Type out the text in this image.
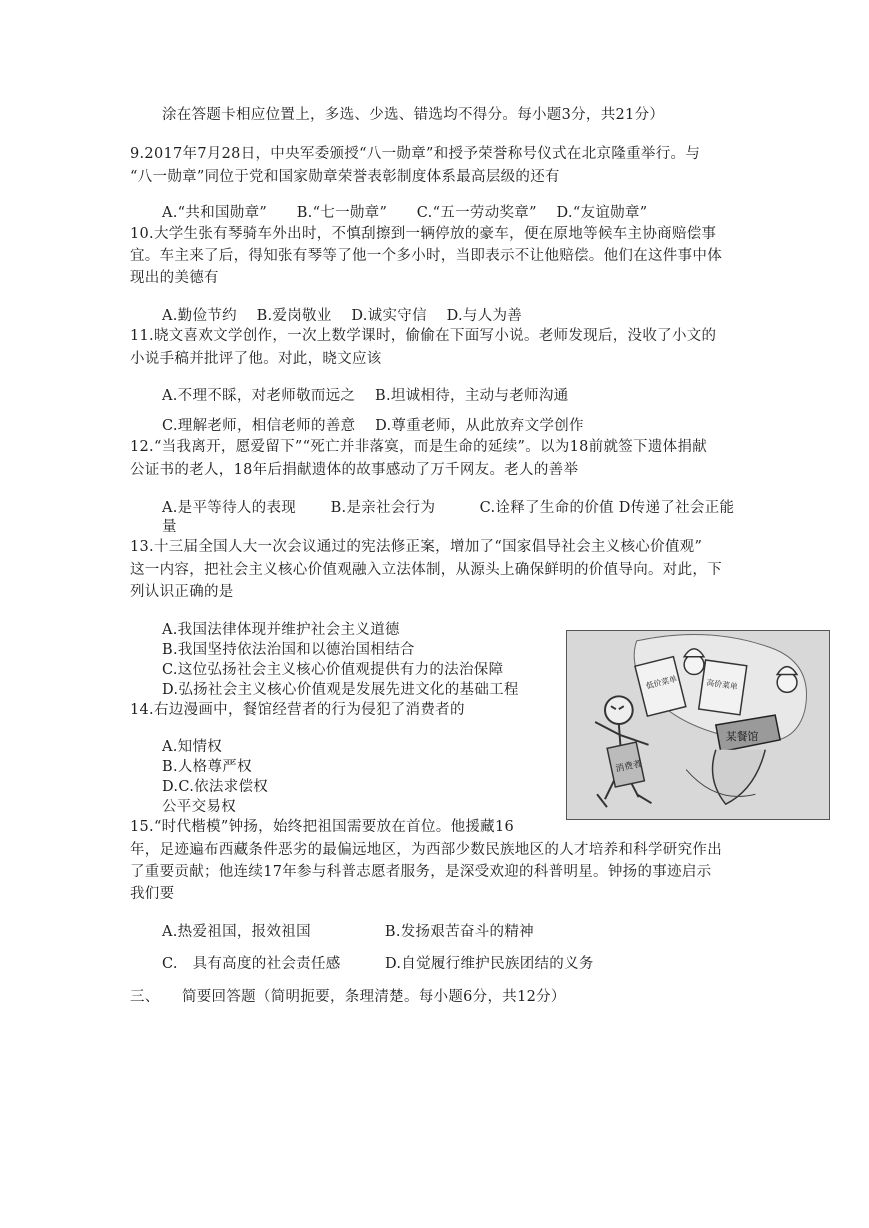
涂在答题卡相应位置上，多选、少选、错选均不得分。每小题3分，共21分）
9.2017年7月28日，中央军委颁授“八一勋章”和授予荣誉称号仪式在北京隆重举行。与
“八一勋章”同位于党和国家勋章荣誉表彰制度体系最高层级的还有
A.“共和国勋章”　　B.“七一勋章”　　C.“五一劳动奖章”　 D.“友谊勋章”
10.大学生张有琴骑车外出时，不慎刮擦到一辆停放的豪车，便在原地等候车主协商赔偿事
宜。车主来了后，得知张有琴等了他一个多小时，当即表示不让他赔偿。他们在这件事中体
现出的美德有
A.勤俭节约　 B.爱岗敬业　 D.诚实守信　 D.与人为善
11.晓文喜欢文学创作，一次上数学课时，偷偷在下面写小说。老师发现后，没收了小文的
小说手稿并批评了他。对此，晓文应该
A.不理不睬，对老师敬而远之　 B.坦诚相待，主动与老师沟通
C.理解老师，相信老师的善意　 D.尊重老师，从此放弃文学创作
12.“当我离开，愿爱留下”“死亡并非落寞，而是生命的延续”。以为18前就签下遗体捐献
公证书的老人，18年后捐献遗体的故事感动了万千网友。老人的善举
A.是平等待人的表现　　 B.是亲社会行为　　　C.诠释了生命的价值 D传递了社会正能
量
13.十三届全国人大一次会议通过的宪法修正案，增加了“国家倡导社会主义核心价值观”
这一内容，把社会主义核心价值观融入立法体制，从源头上确保鲜明的价值导向。对此，下
列认识正确的是
A.我国法律体现并维护社会主义道德
B.我国坚持依法治国和以德治国相结合
C.这位弘扬社会主义核心价值观提供有力的法治保障
D.弘扬社会主义核心价值观是发展先进文化的基础工程
14.右边漫画中，餐馆经营者的行为侵犯了消费者的
A.知情权
B.人格尊严权
D.C.依法求偿权
公平交易权
消费者
低价菜单	高价菜单
某餐馆
15.“时代楷模”钟扬，始终把祖国需要放在首位。他援藏16
年，足迹遍布西藏条件恶劣的最偏远地区，为西部少数民族地区的人才培养和科学研究作出
了重要贡献；他连续17年参与科普志愿者服务，是深受欢迎的科普明星。钟扬的事迹启示
我们要
A.热爱祖国，报效祖国　　　　　B.发扬艰苦奋斗的精神
C.　具有高度的社会责任感　　　D.自觉履行维护民族团结的义务
三、　　简要回答题（简明扼要，条理清楚。每小题6分，共12分）
